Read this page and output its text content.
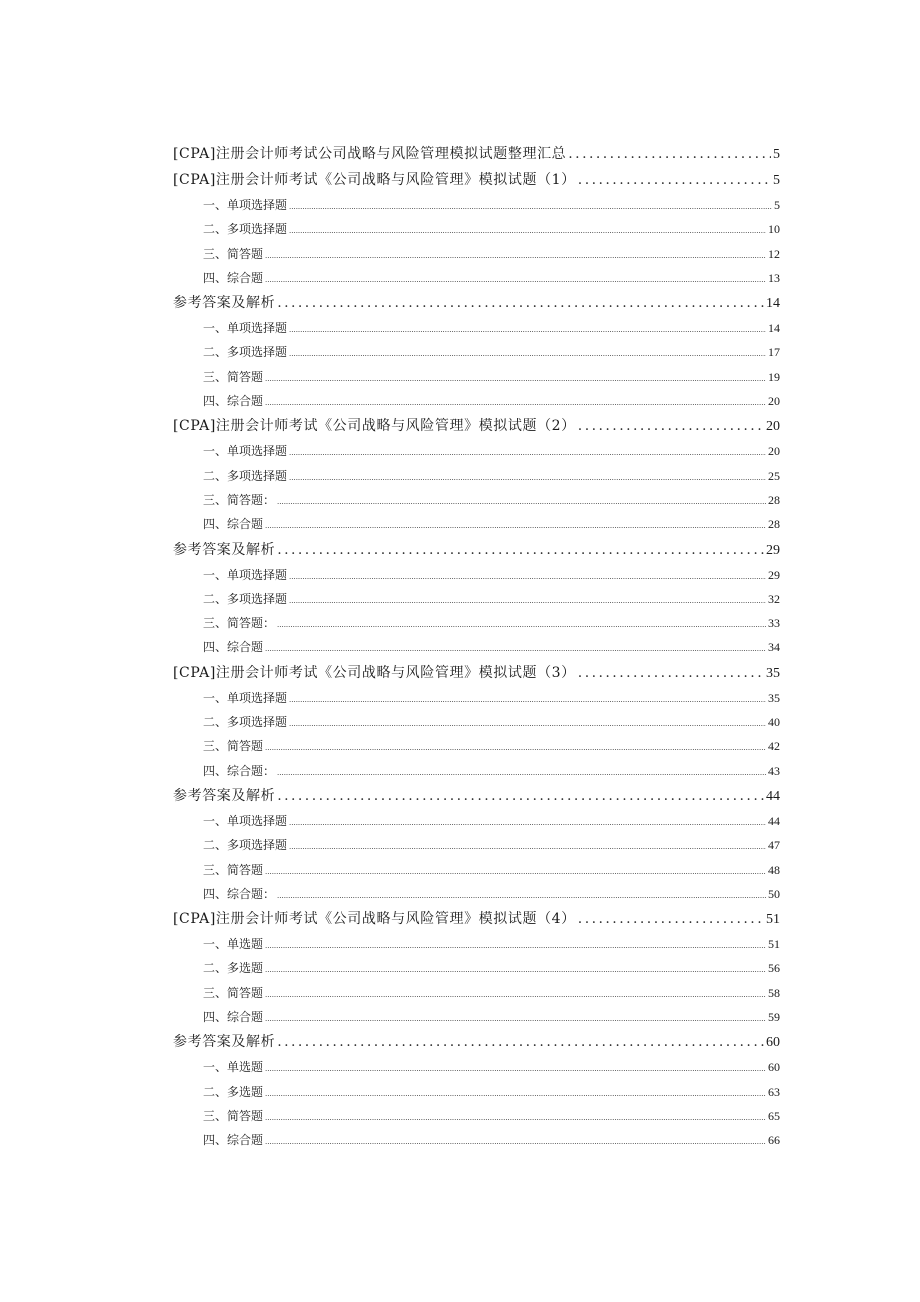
[CPA]注册会计师考试公司战略与风险管理模拟试题整理汇总 . . .	5
[CPA]注册会计师考试《公司战略与风险管理》模拟试题（1） . . .	5
一、单项选择题 .....	5
二、多项选择题 .....	10
三、简答题 .....	12
四、综合题 .....	13
参考答案及解析 . . .	14
一、单项选择题 .....	14
二、多项选择题 .....	17
三、简答题 .....	19
四、综合题 .....	20
[CPA]注册会计师考试《公司战略与风险管理》模拟试题（2） . . .	20
一、单项选择题 .....	20
二、多项选择题 .....	25
三、简答题： .....	28
四、综合题 .....	28
参考答案及解析 . . .	29
一、单项选择题 .....	29
二、多项选择题 .....	32
三、简答题： .....	33
四、综合题 .....	34
[CPA]注册会计师考试《公司战略与风险管理》模拟试题（3） . . .	35
一、单项选择题 .....	35
二、多项选择题 .....	40
三、简答题 .....	42
四、综合题： .....	43
参考答案及解析 . . .	44
一、单项选择题 .....	44
二、多项选择题 .....	47
三、简答题 .....	48
四、综合题： .....	50
[CPA]注册会计师考试《公司战略与风险管理》模拟试题（4） . . .	51
一、单选题 .....	51
二、多选题 .....	56
三、简答题 .....	58
四、综合题 .....	59
参考答案及解析 . . .	60
一、单选题 .....	60
二、多选题 .....	63
三、简答题 .....	65
四、综合题 .....	66
